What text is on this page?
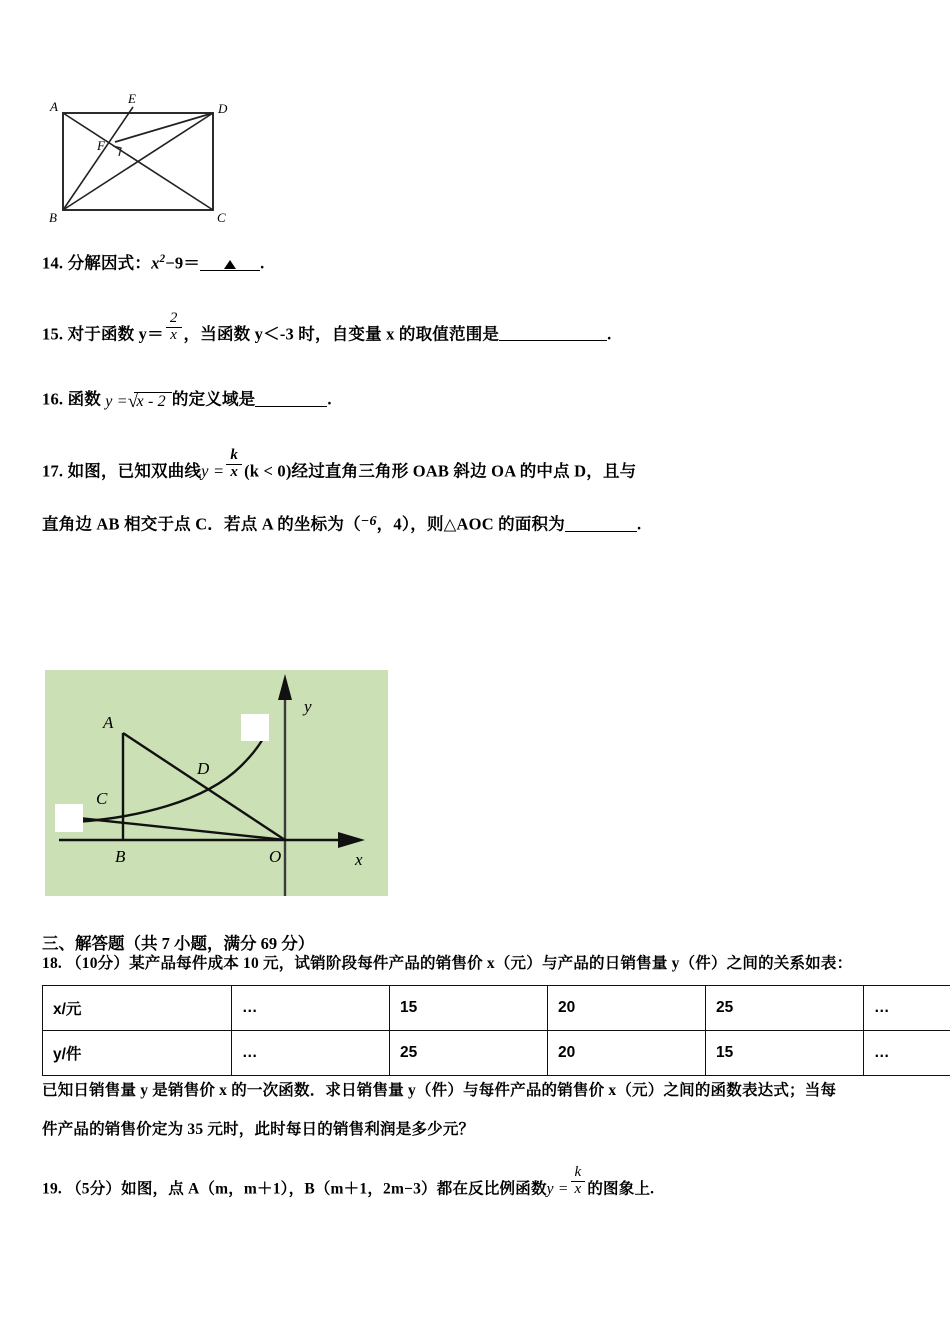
A
E
D
F
B	C
14. 分解因式：$x^2-9=$	.
15. 对于函数 $y= \frac{2}{x}$ ，当函数 y＜-3 时，自变量 x 的取值范围是	.
16. 函数 y =√x - 2 的定义域是	.
17. 如图，已知双曲线$y = \frac{k}{x} (k < 0)$经过直角三角形 OAB 斜边 OA 的中点 D，且与
直角边 AB 相交于点 C．若点 A 的坐标为（$^{-6}$，4），则△AOC 的面积为	.
A
D
C
B	O
y
x
三、解答题（共 7 小题，满分 69 分）
18. （10分）某产品每件成本 10 元，试销阶段每件产品的销售价 x（元）与产品的日销售量 y（件）之间的关系如表：
x/元	…	15	20	25	…
y/件	…	25	20	15	…
已知日销售量 y 是销售价 x 的一次函数．求日销售量 y（件）与每件产品的销售价 x（元）之间的函数表达式；当每
件产品的销售价定为 35 元时，此时每日的销售利润是多少元？
19. （5分）如图，点 A（m，m＋1），B（m＋1，2m−3）都在反比例函数$y = \frac{k}{x}$ 的图象上.
